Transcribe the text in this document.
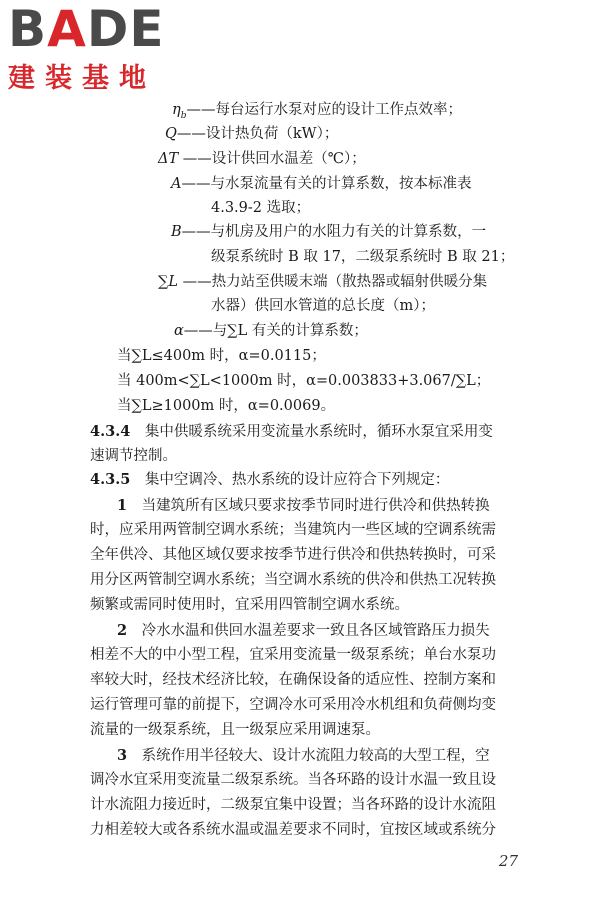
BADE
建装基地

$\eta_b——$每台运行水泵对应的设计工作点效率；

Q——设计热负荷（kW）；

ΔT ——设计供回水温差（℃）；

A——与水泵流量有关的计算系数，按本标准表

4.3.9-2 选取；

B——与机房及用户的水阻力有关的计算系数，一

级泵系统时 B 取 17，二级泵系统时 B 取 21；

∑L ——热力站至供暖末端（散热器或辐射供暖分集

水器）供回水管道的总长度（m）；

α——与∑L 有关的计算系数；

当∑L≤400m 时，α=0.0115；

当 400m<∑L<1000m 时，α=0.003833+3.067/∑L；

当∑L≥1000m 时，α=0.0069。

4.3.4　 集中供暖系统采用变流量水系统时，循环水泵宜采用变

速调节控制。

4.3.5　 集中空调冷、热水系统的设计应符合下列规定：

1　 当建筑所有区域只要求按季节同时进行供冷和供热转换

时，应采用两管制空调水系统；当建筑内一些区域的空调系统需

全年供冷、其他区域仅要求按季节进行供冷和供热转换时，可采

用分区两管制空调水系统；当空调水系统的供冷和供热工况转换

频繁或需同时使用时，宜采用四管制空调水系统。

2　 冷水水温和供回水温差要求一致且各区域管路压力损失

相差不大的中小型工程，宜采用变流量一级泵系统；单台水泵功

率较大时，经技术经济比较，在确保设备的适应性、控制方案和

运行管理可靠的前提下，空调冷水可采用冷水机组和负荷侧均变

流量的一级泵系统，且一级泵应采用调速泵。

3　 系统作用半径较大、设计水流阻力较高的大型工程，空

调冷水宜采用变流量二级泵系统。当各环路的设计水温一致且设

计水流阻力接近时，二级泵宜集中设置；当各环路的设计水流阻

力相差较大或各系统水温或温差要求不同时，宜按区域或系统分

27
